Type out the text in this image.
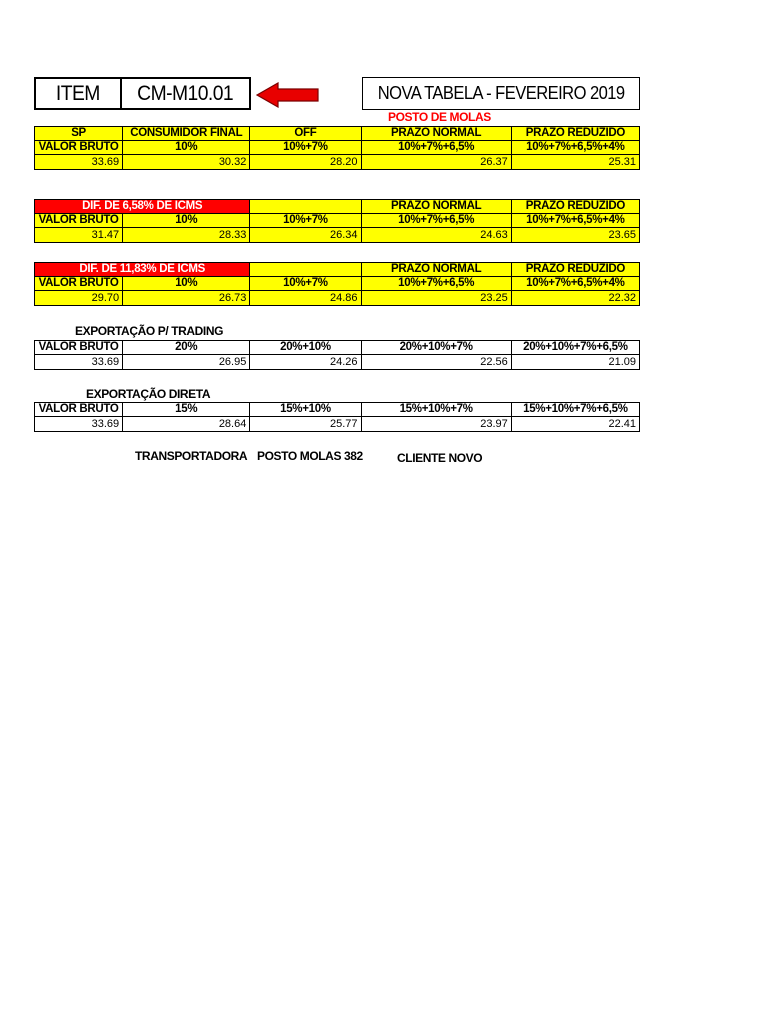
ITEM CM-M10.01	NOVA TABELA - FEVEREIRO 2019
POSTO DE MOLAS
SP	CONSUMIDOR FINAL	OFF	PRAZO NORMAL	PRAZO REDUZIDO
VALOR BRUTO	10%	10%+7%	10%+7%+6,5%	10%+7%+6,5%+4%
33.69	30.32	28.20	26.37	25.31
DIF. DE 6,58% DE ICMS			PRAZO NORMAL	PRAZO REDUZIDO
VALOR BRUTO	10%	10%+7%	10%+7%+6,5%	10%+7%+6,5%+4%
31.47	28.33	26.34	24.63	23.65
DIF. DE 11,83% DE ICMS			PRAZO NORMAL	PRAZO REDUZIDO
VALOR BRUTO	10%	10%+7%	10%+7%+6,5%	10%+7%+6,5%+4%
29.70	26.73	24.86	23.25	22.32
EXPORTAÇÃO P/ TRADING
VALOR BRUTO	20%	20%+10%	20%+10%+7%	20%+10%+7%+6,5%
33.69	26.95	24.26	22.56	21.09
EXPORTAÇÃO DIRETA
VALOR BRUTO	15%	15%+10%	15%+10%+7%	15%+10%+7%+6,5%
33.69	28.64	25.77	23.97	22.41
TRANSPORTADORA POSTO MOLAS 382	CLIENTE NOVO
